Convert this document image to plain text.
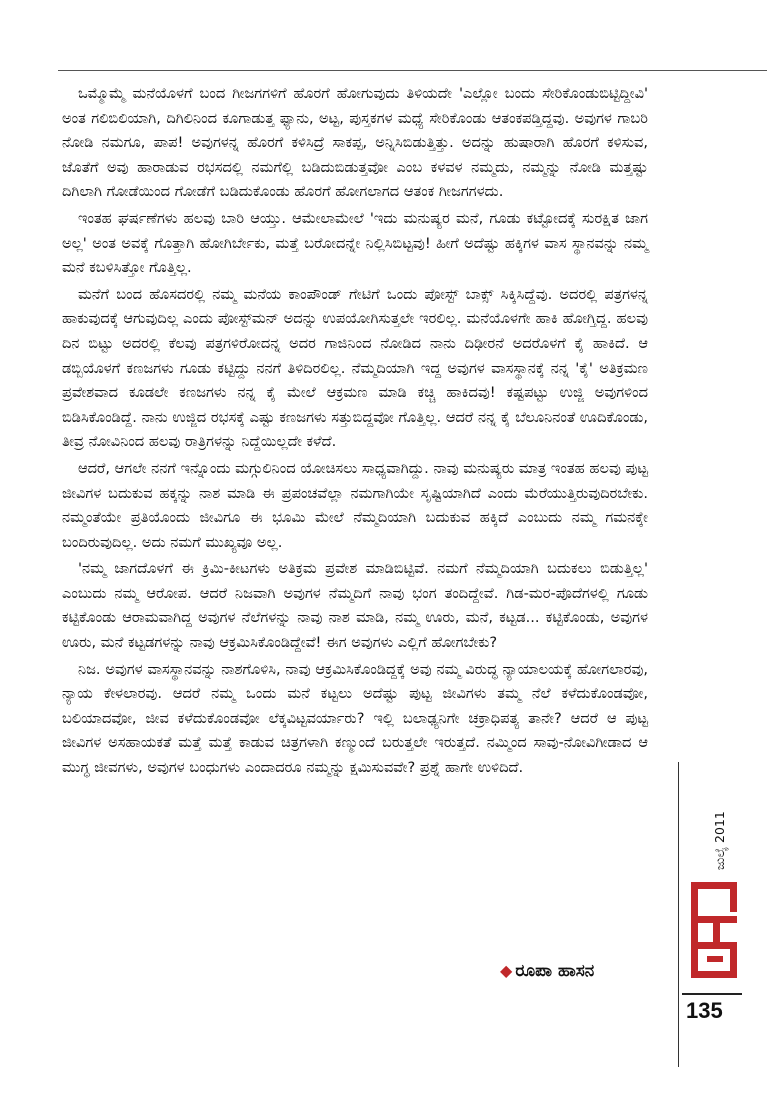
ಒಮ್ಮೊಮ್ಮೆ ಮನೆಯೊಳಗೆ ಬಂದ ಗೀಜಗಗಳಿಗೆ ಹೊರಗೆ ಹೋಗುವುದು ತಿಳಿಯದೇ 'ಎಲ್ಲೋ ಬಂದು ಸೇರಿಕೊಂಡುಬಿಟ್ಟಿದ್ದೀವಿ' ಅಂತ ಗಲಿಬಿಲಿಯಾಗಿ, ದಿಗಿಲಿನಿಂದ ಕೂಗಾಡುತ್ತ ಫ್ಯಾನು, ಅಟ್ಟ, ಪುಸ್ತಕಗಳ ಮಧ್ಯೆ ಸೇರಿಕೊಂಡು ಆತಂಕಪಡ್ತಿದ್ದವು. ಅವುಗಳ ಗಾಬರಿ ನೋಡಿ ನಮಗೂ, ಪಾಪ! ಅವುಗಳನ್ನ ಹೊರಗೆ ಕಳಿಸಿದ್ರೆ ಸಾಕಪ್ಪ, ಅನ್ನಿಸಿಬಿಡುತ್ತಿತ್ತು. ಅದನ್ನು ಹುಷಾರಾಗಿ ಹೊರಗೆ ಕಳಿಸುವ, ಜೊತೆಗೆ ಅವು ಹಾರಾಡುವ ರಭಸದಲ್ಲಿ ನಮಗೆಲ್ಲಿ ಬಡಿದುಬಿಡುತ್ತವೋ ಎಂಬ ಕಳವಳ ನಮ್ಮದು, ನಮ್ಮನ್ನು ನೋಡಿ ಮತ್ತಷ್ಟು ದಿಗಿಲಾಗಿ ಗೋಡೆಯಿಂದ ಗೋಡೆಗೆ ಬಡಿದುಕೊಂಡು ಹೊರಗೆ ಹೋಗಲಾಗದ ಆತಂಕ ಗೀಜಗಗಳದು.

ಇಂತಹ ಘರ್ಷಣೆಗಳು ಹಲವು ಬಾರಿ ಆಯ್ತು. ಆಮೇಲಾಮೇಲೆ 'ಇದು ಮನುಷ್ಯರ ಮನೆ, ಗೂಡು ಕಟ್ಟೋದಕ್ಕೆ ಸುರಕ್ಷಿತ ಜಾಗ ಅಲ್ಲ' ಅಂತ ಅವಕ್ಕೆ ಗೊತ್ತಾಗಿ ಹೋಗಿರ್ಬೇಕು, ಮತ್ತೆ ಬರೋದನ್ನೇ ನಿಲ್ಲಿಸಿಬಿಟ್ಟವು! ಹೀಗೆ ಅದೆಷ್ಟು ಹಕ್ಕಿಗಳ ವಾಸ ಸ್ಥಾನವನ್ನು ನಮ್ಮ ಮನೆ ಕಬಳಿಸಿತ್ತೋ ಗೊತ್ತಿಲ್ಲ.

ಮನೆಗೆ ಬಂದ ಹೊಸದರಲ್ಲಿ ನಮ್ಮ ಮನೆಯ ಕಾಂಪೌಂಡ್ ಗೇಟಿಗೆ ಒಂದು ಪೋಸ್ಟ್ ಬಾಕ್ಸ್ ಸಿಕ್ಕಿಸಿದ್ದೆವು. ಅದರಲ್ಲಿ ಪತ್ರಗಳನ್ನ ಹಾಕುವುದಕ್ಕೆ ಆಗುವುದಿಲ್ಲ ಎಂದು ಪೋಸ್ಟ್‌ಮನ್ ಅದನ್ನು ಉಪಯೋಗಿಸುತ್ತಲೇ ಇರಲಿಲ್ಲ. ಮನೆಯೊಳಗೇ ಹಾಕಿ ಹೋಗ್ತಿದ್ದ. ಹಲವು ದಿನ ಬಿಟ್ಟು ಅದರಲ್ಲಿ ಕೆಲವು ಪತ್ರಗಳಿರೋದನ್ನ ಅದರ ಗಾಜಿನಿಂದ ನೋಡಿದ ನಾನು ದಿಢೀರನೆ ಅದರೊಳಗೆ ಕೈ ಹಾಕಿದೆ. ಆ ಡಬ್ಬಿಯೊಳಗೆ ಕಣಜಗಳು ಗೂಡು ಕಟ್ಟಿದ್ದು ನನಗೆ ತಿಳಿದಿರಲಿಲ್ಲ. ನೆಮ್ಮದಿಯಾಗಿ ಇದ್ದ ಅವುಗಳ ವಾಸಸ್ಥಾನಕ್ಕೆ ನನ್ನ 'ಕೈ' ಅತಿಕ್ರಮಣ ಪ್ರವೇಶವಾದ ಕೂಡಲೇ ಕಣಜಗಳು ನನ್ನ ಕೈ ಮೇಲೆ ಆಕ್ರಮಣ ಮಾಡಿ ಕಚ್ಚಿ ಹಾಕಿದವು! ಕಷ್ಟಪಟ್ಟು ಉಜ್ಜಿ ಅವುಗಳಿಂದ ಬಿಡಿಸಿಕೊಂಡಿದ್ದೆ. ನಾನು ಉಜ್ಜಿದ ರಭಸಕ್ಕೆ ಎಷ್ಟು ಕಣಜಗಳು ಸತ್ತುಬಿದ್ದವೋ ಗೊತ್ತಿಲ್ಲ. ಆದರೆ ನನ್ನ ಕೈ ಬೆಲೂನಿನಂತೆ ಊದಿಕೊಂಡು, ತೀವ್ರ ನೋವಿನಿಂದ ಹಲವು ರಾತ್ರಿಗಳನ್ನು ನಿದ್ದೆಯಿಲ್ಲದೇ ಕಳೆದೆ.

ಆದರೆ, ಆಗಲೇ ನನಗೆ ಇನ್ನೊಂದು ಮಗ್ಗುಲಿನಿಂದ ಯೋಚಿಸಲು ಸಾಧ್ಯವಾಗಿದ್ದು. ನಾವು ಮನುಷ್ಯರು ಮಾತ್ರ ಇಂತಹ ಹಲವು ಪುಟ್ಟ ಜೀವಿಗಳ ಬದುಕುವ ಹಕ್ಕನ್ನು ನಾಶ ಮಾಡಿ ಈ ಪ್ರಪಂಚವೆಲ್ಲಾ ನಮಗಾಗಿಯೇ ಸೃಷ್ಟಿಯಾಗಿದೆ ಎಂದು ಮೆರೆಯುತ್ತಿರುವುದಿರಬೇಕು. ನಮ್ಮಂತೆಯೇ ಪ್ರತಿಯೊಂದು ಜೀವಿಗೂ ಈ ಭೂಮಿ ಮೇಲೆ ನೆಮ್ಮದಿಯಾಗಿ ಬದುಕುವ ಹಕ್ಕಿದೆ ಎಂಬುದು ನಮ್ಮ ಗಮನಕ್ಕೇ ಬಂದಿರುವುದಿಲ್ಲ. ಅದು ನಮಗೆ ಮುಖ್ಯವೂ ಅಲ್ಲ.

'ನಮ್ಮ ಜಾಗದೊಳಗೆ ಈ ಕ್ರಿಮಿ-ಕೀಟಗಳು ಅತಿಕ್ರಮ ಪ್ರವೇಶ ಮಾಡಿಬಿಟ್ಟಿವೆ. ನಮಗೆ ನೆಮ್ಮದಿಯಾಗಿ ಬದುಕಲು ಬಿಡುತ್ತಿಲ್ಲ' ಎಂಬುದು ನಮ್ಮ ಆರೋಪ. ಆದರೆ ನಿಜವಾಗಿ ಅವುಗಳ ನೆಮ್ಮದಿಗೆ ನಾವು ಭಂಗ ತಂದಿದ್ದೇವೆ. ಗಿಡ-ಮರ-ಪೊದೆಗಳಲ್ಲಿ ಗೂಡು ಕಟ್ಟಿಕೊಂಡು ಆರಾಮವಾಗಿದ್ದ ಅವುಗಳ ನೆಲೆಗಳನ್ನು ನಾವು ನಾಶ ಮಾಡಿ, ನಮ್ಮ ಊರು, ಮನೆ, ಕಟ್ಟಡ... ಕಟ್ಟಿಕೊಂಡು, ಅವುಗಳ ಊರು, ಮನೆ ಕಟ್ಟಡಗಳನ್ನು ನಾವು ಆಕ್ರಮಿಸಿಕೊಂಡಿದ್ದೇವೆ! ಈಗ ಅವುಗಳು ಎಲ್ಲಿಗೆ ಹೋಗಬೇಕು?

ನಿಜ. ಅವುಗಳ ವಾಸಸ್ಥಾನವನ್ನು ನಾಶಗೊಳಿಸಿ, ನಾವು ಆಕ್ರಮಿಸಿಕೊಂಡಿದ್ದಕ್ಕೆ ಅವು ನಮ್ಮ ವಿರುದ್ಧ ನ್ಯಾಯಾಲಯಕ್ಕೆ ಹೋಗಲಾರವು, ನ್ಯಾಯ ಕೇಳಲಾರವು. ಆದರೆ ನಮ್ಮ ಒಂದು ಮನೆ ಕಟ್ಟಲು ಅದೆಷ್ಟು ಪುಟ್ಟ ಜೀವಿಗಳು ತಮ್ಮ ನೆಲೆ ಕಳೆದುಕೊಂಡವೋ, ಬಲಿಯಾದವೋ, ಜೀವ ಕಳೆದುಕೊಂಡವೋ ಲೆಕ್ಕವಿಟ್ಟವರ್ಯಾರು? ಇಲ್ಲಿ ಬಲಾಢ್ಯನಿಗೇ ಚಕ್ರಾಧಿಪತ್ಯ ತಾನೇ? ಆದರೆ ಆ ಪುಟ್ಟ ಜೀವಿಗಳ ಅಸಹಾಯಕತೆ ಮತ್ತೆ ಮತ್ತೆ ಕಾಡುವ ಚಿತ್ರಗಳಾಗಿ ಕಣ್ಮುಂದೆ ಬರುತ್ತಲೇ ಇರುತ್ತದೆ. ನಮ್ಮಿಂದ ಸಾವು-ನೋವಿಗೀಡಾದ ಆ ಮುಗ್ಧ ಜೀವಗಳು, ಅವುಗಳ ಬಂಧುಗಳು ಎಂದಾದರೂ ನಮ್ಮನ್ನು ಕ್ಷಮಿಸುವವೇ? ಪ್ರಶ್ನೆ ಹಾಗೇ ಉಳಿದಿದೆ.

◆ ರೂಪಾ ಹಾಸನ
ಜುಲೈ 2011
135
